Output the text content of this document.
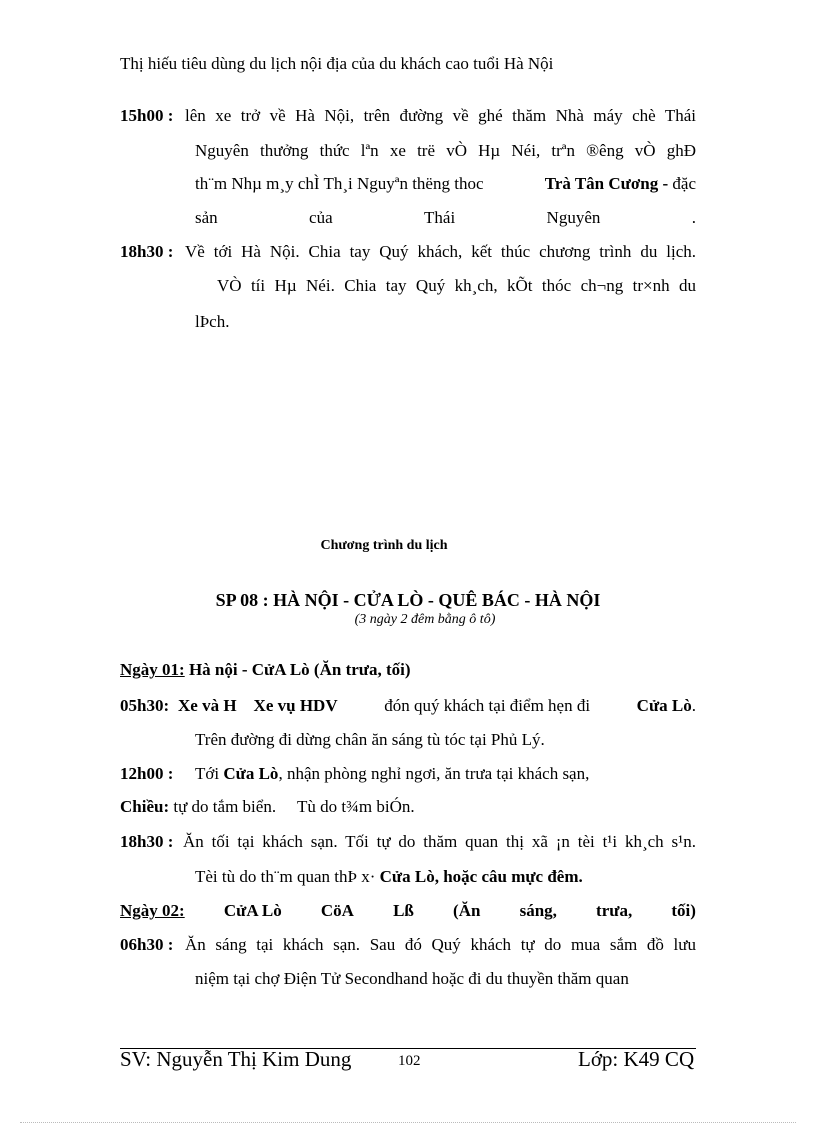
Thị hiếu tiêu dùng du lịch nội địa của du khách cao tuổi Hà Nội
15h00 : lên xe trở về Hà Nội, trên đường về ghé thăm Nhà máy chè Thái
Nguyên thưởng thức lªn xe trë vÒ Hµ Néi, trªn ®êng vÒ ghÐ
th¨m Nhµ m¸y chÌ Th¸i Nguyªn thëng thoc	Trà Tân Cương - đặc
sản	của	Thái	Nguyên	.
18h30 : Về tới Hà Nội. Chia tay Quý khách, kết thúc chương trình du lịch.
VÒ tíi Hµ Néi. Chia tay Quý kh¸ch, kÕt thóc ch¬ng tr×nh du
lÞch.
Chương trình du lịch
SP 08 : HÀ NỘI - CỬA LÒ - QUÊ BÁC - HÀ NỘI
(3 ngày 2 đêm bằng ô tô)
Ngày 01: Hà nội - CửA Lò (Ăn trưa, tối)
05h30: Xe và H    Xe vụ HDV	đón quý khách tại điểm hẹn đi	Cửa Lò.
Trên đường đi dừng chân ăn sáng tù tóc tại Phủ Lý.
12h00 : Tới Cửa Lò, nhận phòng nghỉ ngơi, ăn trưa tại khách sạn,
Chiều: tự do tắm biển.     Tù do t¾m biÓn.
18h30 : Ăn tối tại khách sạn. Tối tự do thăm quan thị xã ¡n tèi t¹i kh¸ch s¹n.
Tèi tù do th¨m quan thÞ x· Cửa Lò, hoặc câu mực đêm.
Ngày 02: CửA Lò CöA Lß (Ăn sáng, trưa, tối)
06h30 : Ăn sáng tại khách sạn. Sau đó Quý khách tự do mua sắm đồ lưu
niệm tại chợ Điện Tử Secondhand hoặc đi du thuyền thăm quan
SV: Nguyễn Thị Kim Dung	102	Lớp: K49 CQ
